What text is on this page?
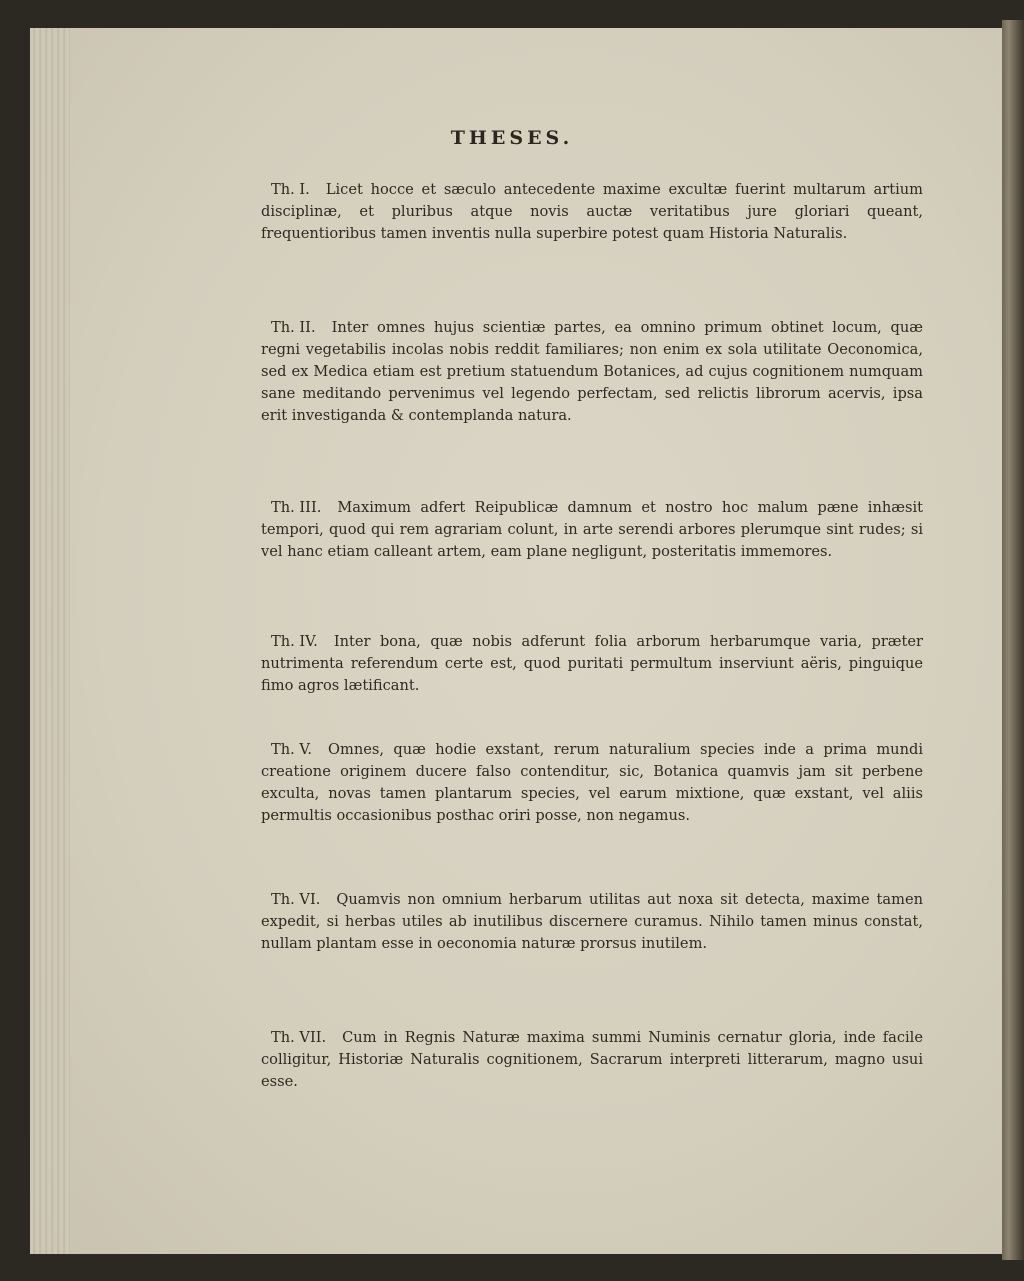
THESES.

Th. I. Licet hocce et sæculo antecedente maxime excultæ fuerint multarum artium disciplinæ, et pluribus atque novis auctæ veritatibus jure gloriari queant, frequentioribus tamen inventis nulla superbire potest quam Historia Naturalis.

Th. II. Inter omnes hujus scientiæ partes, ea omnino primum obtinet locum, quæ regni vegetabilis incolas nobis reddit familiares; non enim ex sola utilitate Oeconomica, sed ex Medica etiam est pretium statuendum Botanices, ad cujus cognitionem numquam sane meditando pervenimus vel legendo perfectam, sed relictis librorum acervis, ipsa erit investiganda & contemplanda natura.

Th. III. Maximum adfert Reipublicæ damnum et nostro hoc malum pæne inhæsit tempori, quod qui rem agrariam colunt, in arte serendi arbores plerumque sint rudes; si vel hanc etiam calleant artem, eam plane negligunt, posteritatis immemores.

Th. IV. Inter bona, quæ nobis adferunt folia arborum herbarumque varia, præter nutrimenta referendum certe est, quod puritati permultum inserviunt aëris, pinguique fimo agros lætificant.

Th. V. Omnes, quæ hodie exstant, rerum naturalium species inde a prima mundi creatione originem ducere falso contenditur, sic, Botanica quamvis jam sit perbene exculta, novas tamen plantarum species, vel earum mixtione, quæ exstant, vel aliis permultis occasionibus posthac oriri posse, non negamus.

Th. VI. Quamvis non omnium herbarum utilitas aut noxa sit detecta, maxime tamen expedit, si herbas utiles ab inutilibus discernere curamus. Nihilo tamen minus constat, nullam plantam esse in oeconomia naturæ prorsus inutilem.

Th. VII. Cum in Regnis Naturæ maxima summi Numinis cernatur gloria, inde facile colligitur, Historiæ Naturalis cognitionem, Sacrarum interpreti litterarum, magno usui esse.
